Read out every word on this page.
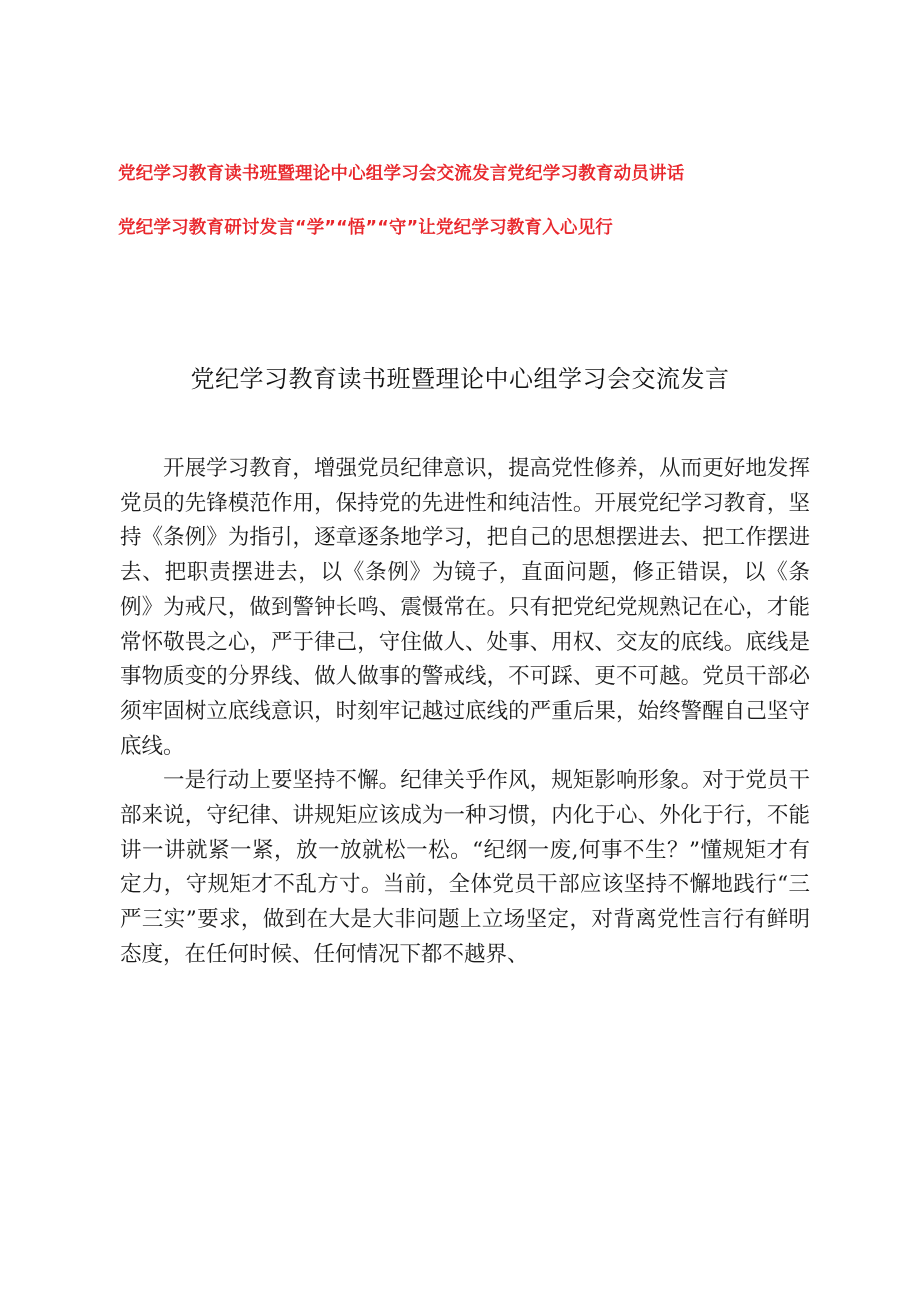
党纪学习教育读书班暨理论中心组学习会交流发言党纪学习教育动员讲话
党纪学习教育研讨发言“学”“悟”“守”让党纪学习教育入心见行
党纪学习教育读书班暨理论中心组学习会交流发言

开展学习教育，增强党员纪律意识，提高党性修养，从而更好地发挥党员的先锋模范作用，保持党的先进性和纯洁性。开展党纪学习教育，坚持《条例》为指引，逐章逐条地学习，把自己的思想摆进去、把工作摆进去、把职责摆进去，以《条例》为镜子，直面问题，修正错误，以《条例》为戒尺，做到警钟长鸣、震慑常在。只有把党纪党规熟记在心，才能常怀敬畏之心，严于律己，守住做人、处事、用权、交友的底线。底线是事物质变的分界线、做人做事的警戒线，不可踩、更不可越。党员干部必须牢固树立底线意识，时刻牢记越过底线的严重后果，始终警醒自己坚守底线。

一是行动上要坚持不懈。纪律关乎作风，规矩影响形象。对于党员干部来说，守纪律、讲规矩应该成为一种习惯，内化于心、外化于行，不能讲一讲就紧一紧，放一放就松一松。“纪纲一废,何事不生？”懂规矩才有定力，守规矩才不乱方寸。当前，全体党员干部应该坚持不懈地践行“三严三实”要求，做到在大是大非问题上立场坚定，对背离党性言行有鲜明态度，在任何时候、任何情况下都不越界、
